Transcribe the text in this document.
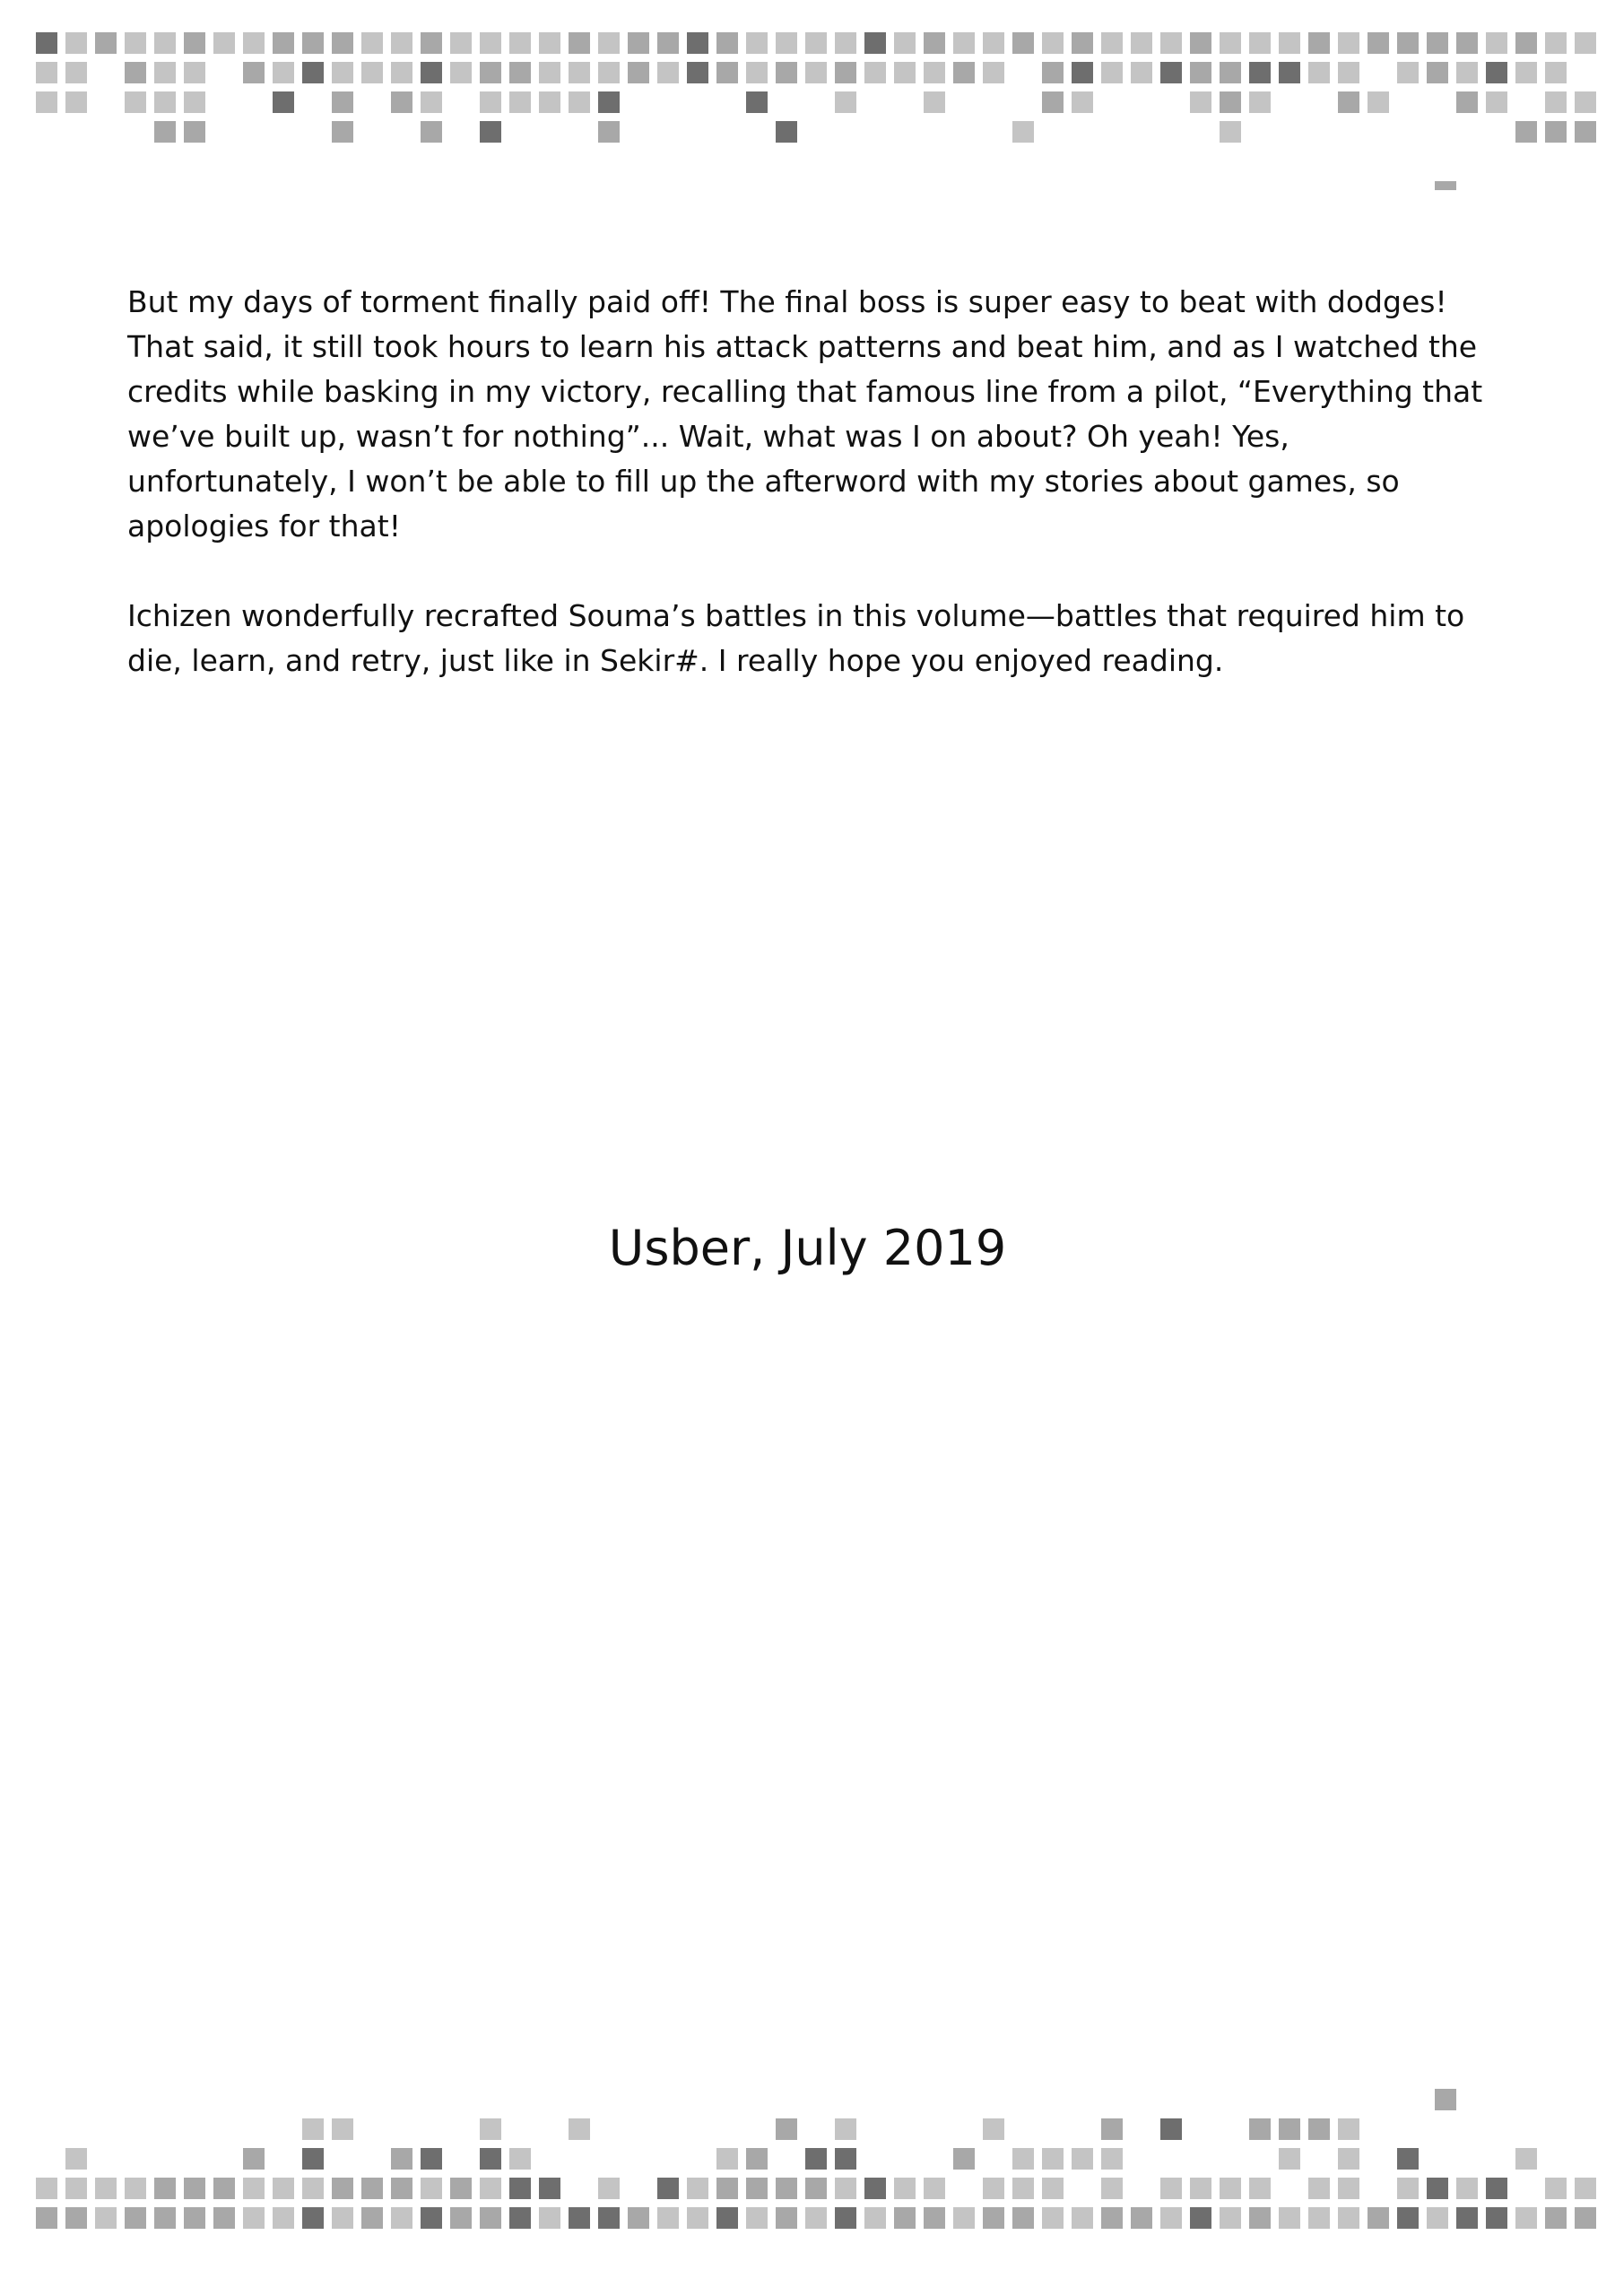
But my days of torment finally paid off! The final boss is super easy to beat with dodges! That said, it still took hours to learn his attack patterns and beat him, and as I watched the credits while basking in my victory, recalling that famous line from a pilot, “Everything that we’ve built up, wasn’t for nothing”... Wait, what was I on about? Oh yeah! Yes, unfortunately, I won’t be able to fill up the afterword with my stories about games, so apologies for that!

Ichizen wonderfully recrafted Souma’s battles in this volume—battles that required him to die, learn, and retry, just like in Sekir#. I really hope you enjoyed reading.

Usber, July 2019
